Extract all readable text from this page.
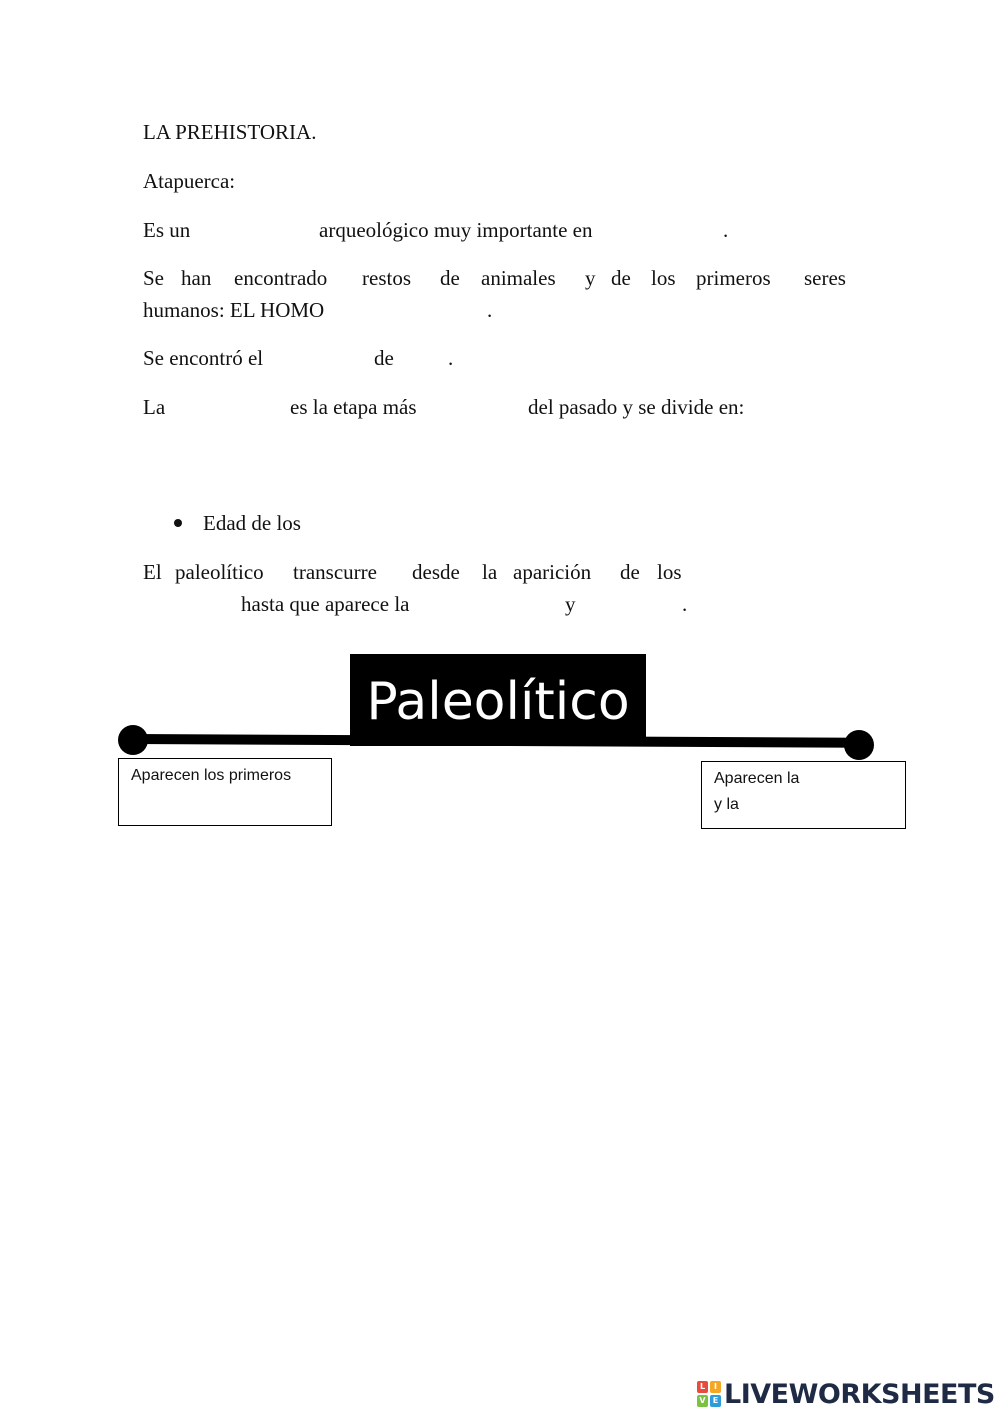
LA PREHISTORIA.
Atapuerca:
Es un	arqueológico muy importante en	.
Se han encontrado restos de animales y de los primeros seres
humanos: EL HOMO	.
Se encontró el	de	.
La	es la etapa más	del pasado y se divide en:
Edad de los
El paleolítico transcurre desde la aparición de los
hasta que aparece la	y	.
Paleolítico
Aparecen los primeros	Aparecen la
y la
L	I
V E LIVEWORKSHEETS
